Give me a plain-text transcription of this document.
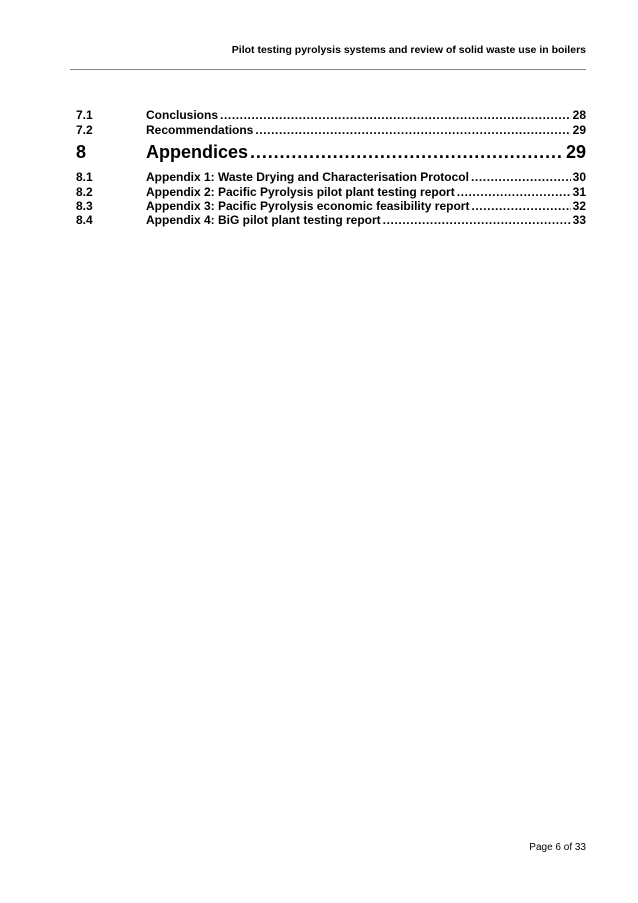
Pilot testing pyrolysis systems and review of solid waste use in boilers
7.1	Conclusions .....	28
7.2	Recommendations .....	29
8	Appendices .....	29
8.1	Appendix 1: Waste Drying and Characterisation Protocol .....	30
8.2	Appendix 2: Pacific Pyrolysis pilot plant testing report .....	31
8.3	Appendix 3: Pacific Pyrolysis economic feasibility report .....	32
8.4	Appendix 4: BiG pilot plant testing report .....	33
Page 6 of 33
